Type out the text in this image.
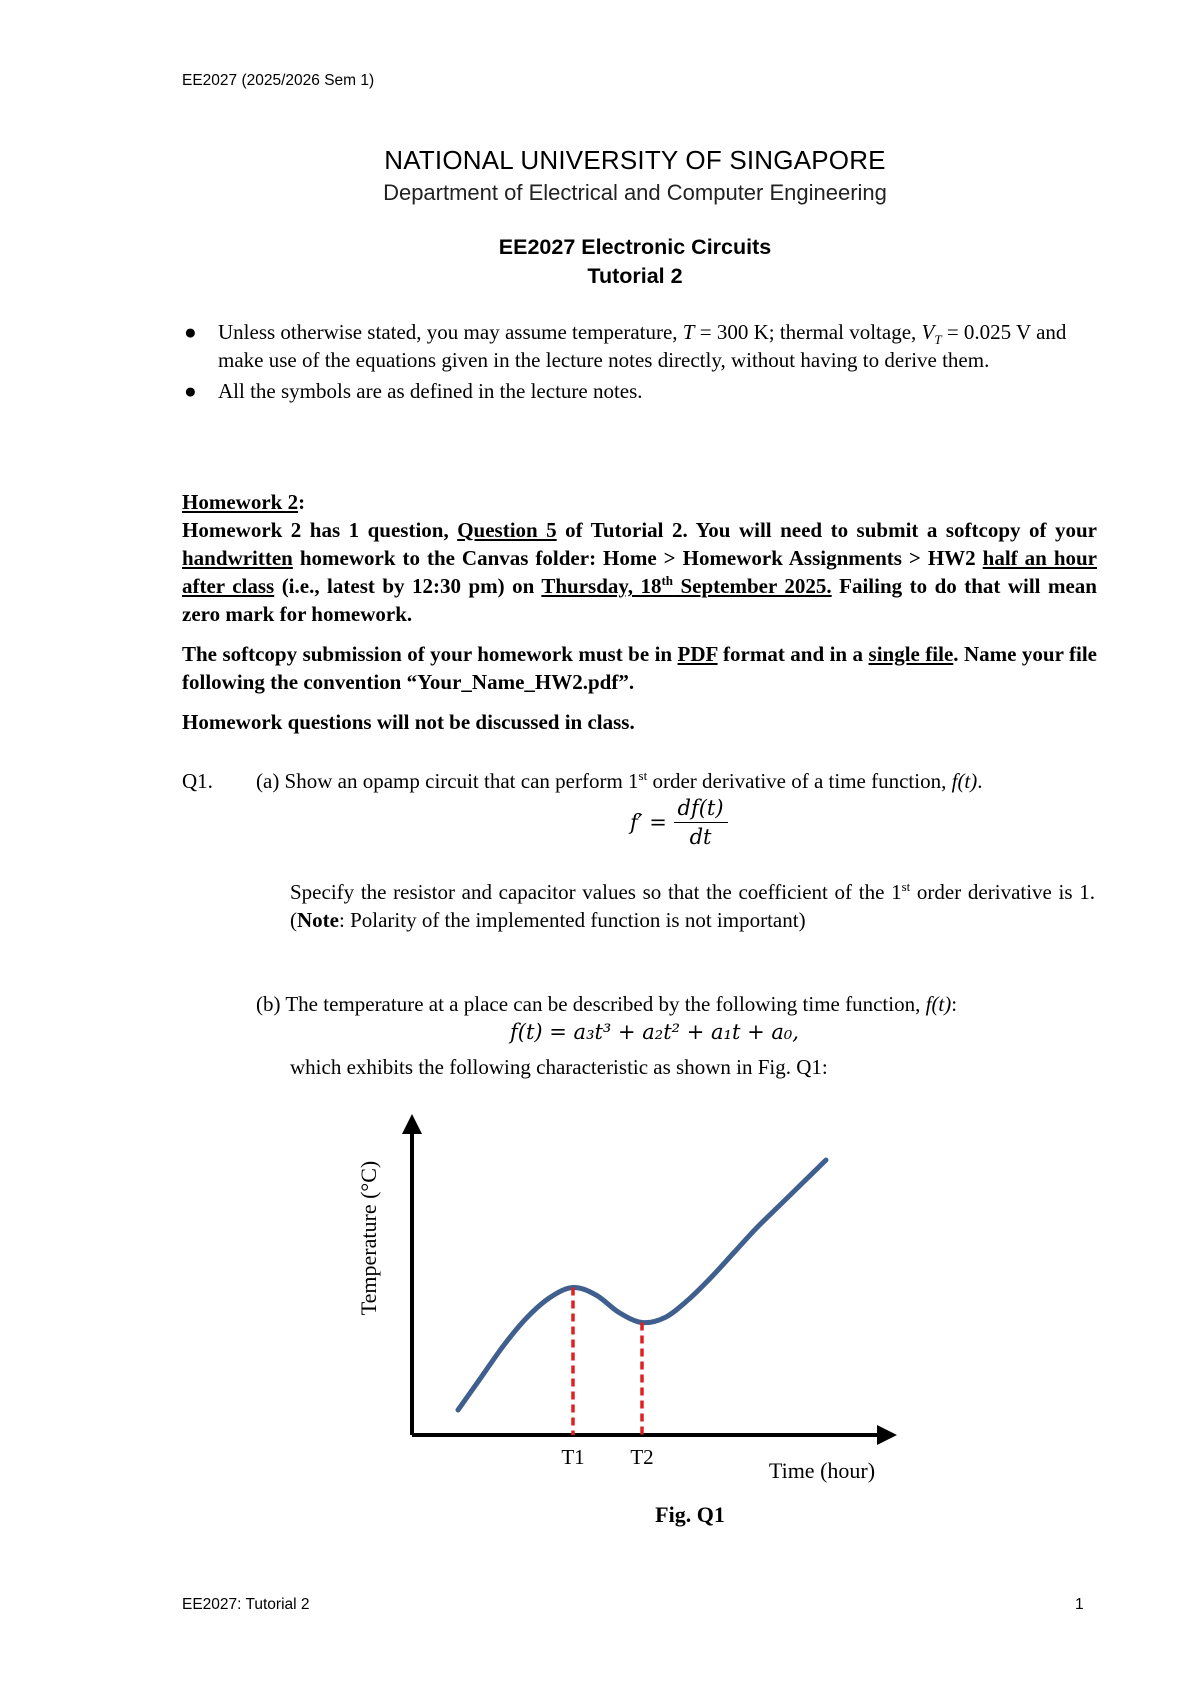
EE2027 (2025/2026 Sem 1)
NATIONAL UNIVERSITY OF SINGAPORE
Department of Electrical and Computer Engineering
EE2027 Electronic Circuits
Tutorial 2
● Unless otherwise stated, you may assume temperature, T = 300 K; thermal voltage, $V_T = 0.025$ V and make use of the equations given in the lecture notes directly, without having to derive them.
● All the symbols are as defined in the lecture notes.

Homework 2:

Homework 2 has 1 question, Question 5 of Tutorial 2. You will need to submit a softcopy of your handwritten homework to the Canvas folder: Home > Homework Assignments > HW2 half an hour after class (i.e., latest by 12:30 pm) on Thursday, 18th September 2025. Failing to do that will mean zero mark for homework.

The softcopy submission of your homework must be in PDF format and in a single file. Name your file following the convention “Your_Name_HW2.pdf”.

Homework questions will not be discussed in class.

Q1. (a) Show an opamp circuit that can perform 1st order derivative of a time function, f(t).
$f' = \frac{df(t)}{dt}$
Specify the resistor and capacitor values so that the coefficient of the 1st order derivative is 1. (Note: Polarity of the implemented function is not important)
(b) The temperature at a place can be described by the following time function, f(t):
f(t) = a₃t³ + a₂t² + a₁t + a₀,
which exhibits the following characteristic as shown in Fig. Q1:
T1 T2
Time (hour)
Temperature (°C)
Fig. Q1
EE2027: Tutorial 2	1
